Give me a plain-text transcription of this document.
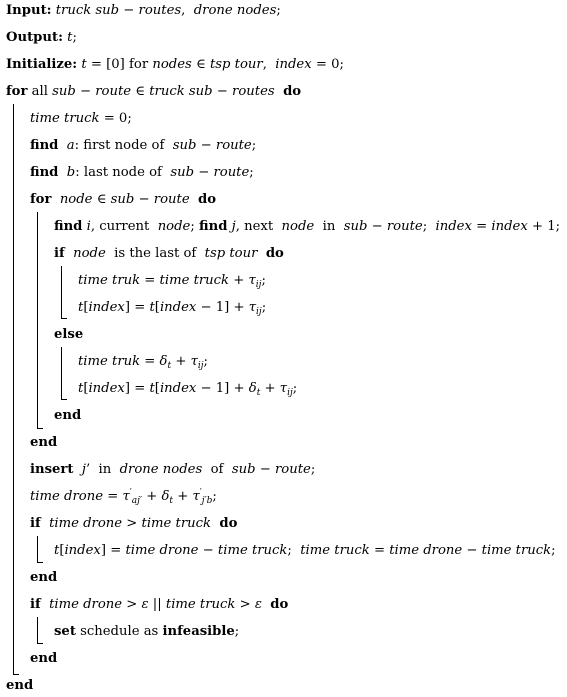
Input: truck sub − routes,  drone nodes;
Output: t;
Initialize: t = [0] for nodes ∈ tsp tour,  index = 0;
for all sub − route ∈ truck sub − routes do
time truck = 0;
find a: first node of  sub − route;
find b: last node of  sub − route;
for node ∈ sub − route do
find i, current  node; find j, next  node  in  sub − route;  index = index + 1;
if node  is the last of  tsp tour do
time truk = time truck + $\tau_{ij}$;
t[index] = t[index − $1] + \tau_{ij}$;
else
time truk = $\delta_t + \tau_{ij}$;
t[index] = t[index − $1] + \delta_t + \tau_{ij}$;
end
end
insert j’  in  drone nodes  of  sub − route;
time drone = $\tau'_{aj'} + \delta_t + \tau'_{j'b}$;
if time drone > time truck do
t[index] = time drone − time truck;  time truck = time drone − time truck;
end
if time drone > ε || time truck > ε do
set schedule as infeasible;
end
end
